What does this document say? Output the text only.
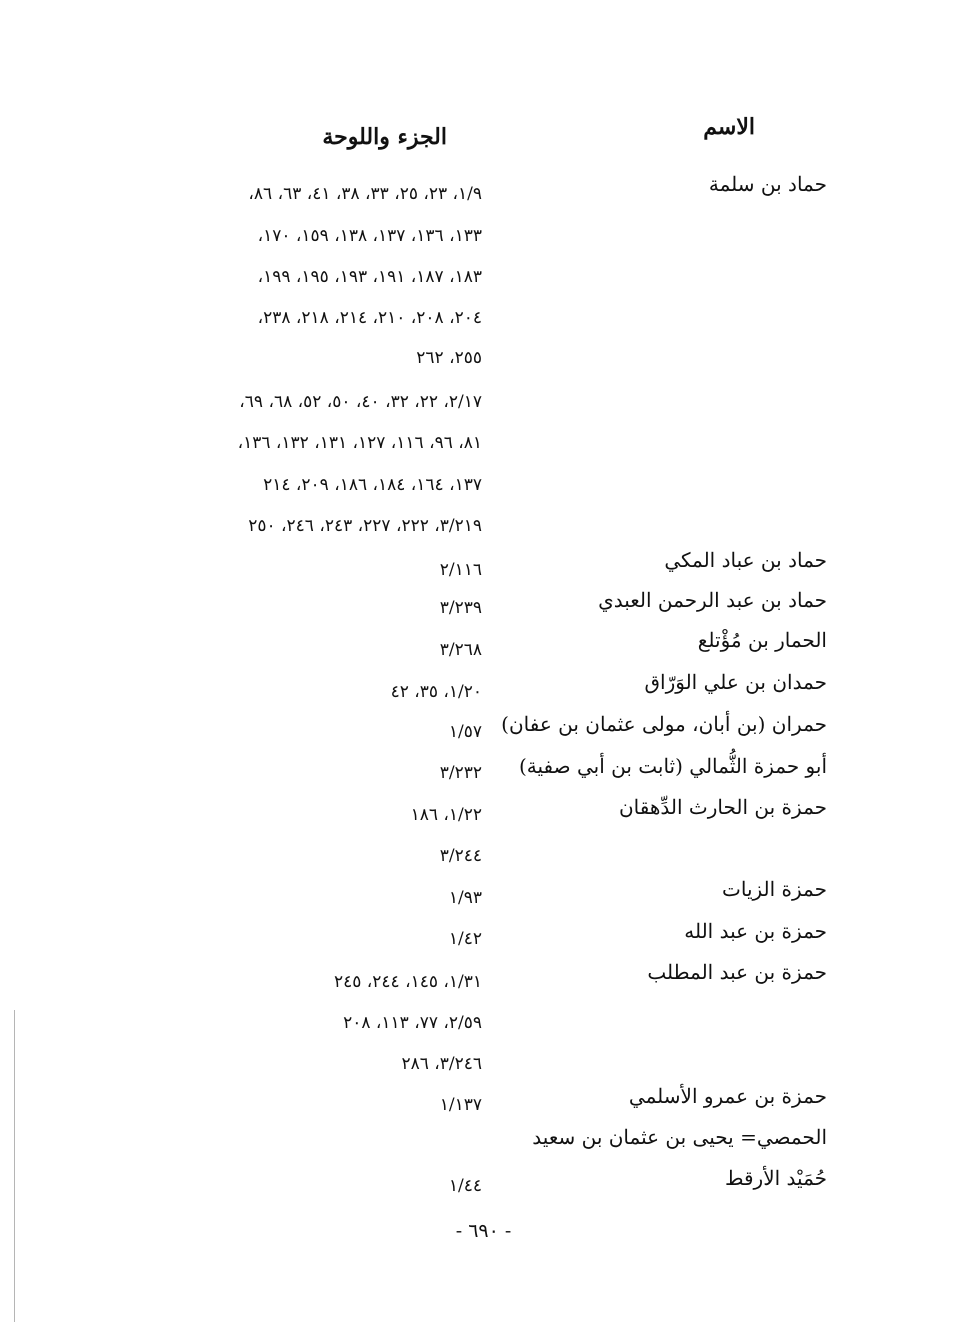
الاسم
الجزء واللوحة
حماد بن سلمة
١/٩، ٢٣، ٢٥، ٣٣، ٣٨، ٤١، ٦٣، ٨٦،
١٣٣، ١٣٦، ١٣٧، ١٣٨، ١٥٩، ١٧٠،
١٨٣، ١٨٧، ١٩١، ١٩٣، ١٩٥، ١٩٩،
٢٠٤، ٢٠٨، ٢١٠، ٢١٤، ٢١٨، ٢٣٨،
٢٥٥، ٢٦٢
٢/١٧، ٢٢، ٣٢، ٤٠، ٥٠، ٥٢، ٦٨، ٦٩،
٨١، ٩٦، ١١٦، ١٢٧، ١٣١، ١٣٢، ١٣٦،
١٣٧، ١٦٤، ١٨٤، ١٨٦، ٢٠٩، ٢١٤
٣/٢١٩، ٢٢٢، ٢٢٧، ٢٤٣، ٢٤٦، ٢٥٠
حماد بن عباد المكي
٢/١١٦
حماد بن عبد الرحمن العبدي
٣/٢٣٩
الحمار بن مُؤْتلع
٣/٢٦٨
حمدان بن علي الوَرّاق
١/٢٠، ٣٥، ٤٢
حمران (بن أبان، مولى عثمان بن عفان)
١/٥٧
أبو حمزة الثُّمالي (ثابت بن أبي صفية)
٣/٢٣٢
حمزة بن الحارث الدِّهقان
١/٢٢، ١٨٦
٣/٢٤٤
حمزة الزيات
١/٩٣
حمزة بن عبد الله
١/٤٢
حمزة بن عبد المطلب
١/٣١، ١٤٥، ٢٤٤، ٢٤٥
٢/٥٩، ٧٧، ١١٣، ٢٠٨
٣/٢٤٦، ٢٨٦
حمزة بن عمرو الأسلمي
١/١٣٧
الحمصي= يحيى بن عثمان بن سعيد
حُمَيْد الأرقط
١/٤٤
- ٦٩٠ -
